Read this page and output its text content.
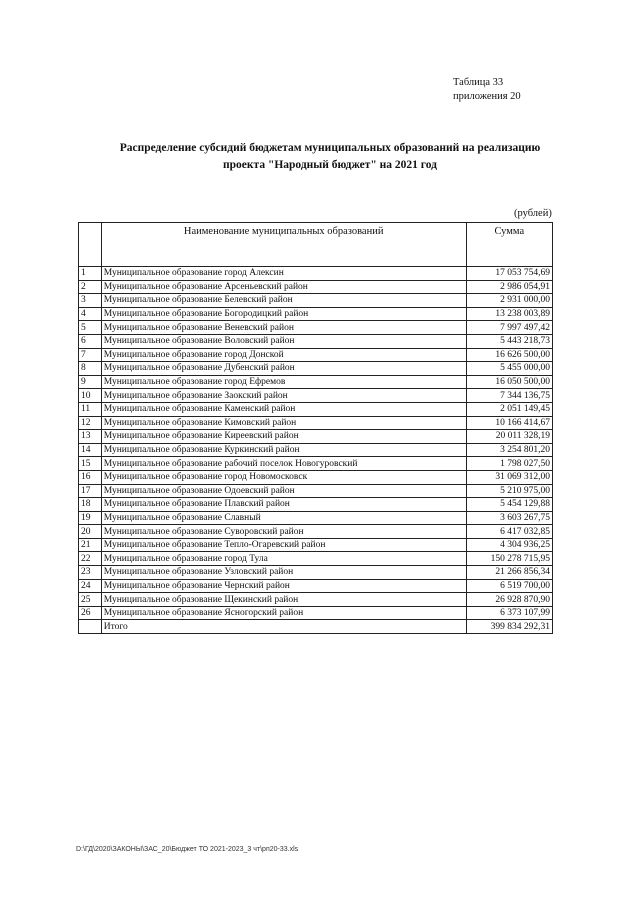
Таблица 33
приложения 20
Распределение субсидий бюджетам муниципальных образований на реализацию
проекта "Народный бюджет" на 2021 год
(рублей)
	Наименование муниципальных образований	Сумма
1	Муниципальное образование город Алексин	17 053 754,69
2	Муниципальное образование Арсеньевский район	2 986 054,91
3	Муниципальное образование Белевский район	2 931 000,00
4	Муниципальное образование Богородицкий район	13 238 003,89
5	Муниципальное образование Веневский район	7 997 497,42
6	Муниципальное образование Воловский район	5 443 218,73
7	Муниципальное образование город Донской	16 626 500,00
8	Муниципальное образование Дубенский район	5 455 000,00
9	Муниципальное образование город Ефремов	16 050 500,00
10	Муниципальное образование Заокский район	7 344 136,75
11	Муниципальное образование Каменский район	2 051 149,45
12	Муниципальное образование Кимовский район	10 166 414,67
13	Муниципальное образование Киреевский район	20 011 328,19
14	Муниципальное образование Куркинский район	3 254 801,20
15	Муниципальное образование рабочий поселок Новогуровский	1 798 027,50
16	Муниципальное образование город Новомосковск	31 069 312,00
17	Муниципальное образование Одоевский район	5 210 975,00
18	Муниципальное образование Плавский район	5 454 129,88
19	Муниципальное образование Славный	3 603 267,75
20	Муниципальное образование Суворовский район	6 417 032,85
21	Муниципальное образование Тепло-Огаревский район	4 304 936,25
22	Муниципальное образование город Тула	150 278 715,95
23	Муниципальное образование Узловский район	21 266 856,34
24	Муниципальное образование Чернский район	6 519 700,00
25	Муниципальное образование Щекинский район	26 928 870,90
26	Муниципальное образование Ясногорский район	6 373 107,99
	Итого	399 834 292,31
D:\ГД\2020\ЗАКОНЫ\ЗАС_20\Бюджет ТО 2021-2023_3 чт\рп20-33.xls
